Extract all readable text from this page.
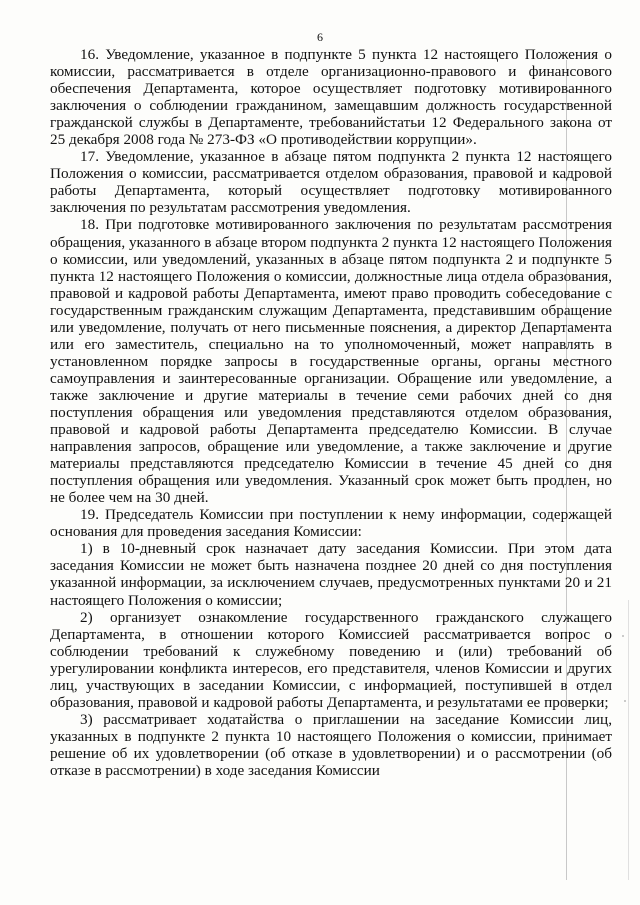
6

16. Уведомление, указанное в подпункте 5 пункта 12 настоящего Положения о комиссии, рассматривается в отделе организационно-правового и финансового обеспечения Департамента, которое осуществляет подготовку мотивированного заключения о соблюдении гражданином, замещавшим должность государственной гражданской службы в Департаменте, требованийстатьи 12 Федерального закона от 25 декабря 2008 года № 273-ФЗ «О противодействии коррупции».

17. Уведомление, указанное в абзаце пятом подпункта 2 пункта 12 настоящего Положения о комиссии, рассматривается отделом образования, правовой и кадровой работы Департамента, который осуществляет подготовку мотивированного заключения по результатам рассмотрения уведомления.

18. При подготовке мотивированного заключения по результатам рассмотрения обращения, указанного в абзаце втором подпункта 2 пункта 12 настоящего Положения о комиссии, или уведомлений, указанных в абзаце пятом подпункта 2 и подпункте 5 пункта 12 настоящего Положения о комиссии, должностные лица отдела образования, правовой и кадровой работы Департамента, имеют право проводить собеседование с государственным гражданским служащим Департамента, представившим обращение или уведомление, получать от него письменные пояснения, а директор Департамента или его заместитель, специально на то уполномоченный, может направлять в установленном порядке запросы в государственные органы, органы местного самоуправления и заинтересованные организации. Обращение или уведомление, а также заключение и другие материалы в течение семи рабочих дней со дня поступления обращения или уведомления представляются отделом образования, правовой и кадровой работы Департамента председателю Комиссии. В случае направления запросов, обращение или уведомление, а также заключение и другие материалы представляются председателю Комиссии в течение 45 дней со дня поступления обращения или уведомления. Указанный срок может быть продлен, но не более чем на 30 дней.

19. Председатель Комиссии при поступлении к нему информации, содержащей основания для проведения заседания Комиссии:

1) в 10-дневный срок назначает дату заседания Комиссии. При этом дата заседания Комиссии не может быть назначена позднее 20 дней со дня поступления указанной информации, за исключением случаев, предусмотренных пунктами 20 и 21 настоящего Положения о комиссии;

2) организует ознакомление государственного гражданского служащего Департамента, в отношении которого Комиссией рассматривается вопрос о соблюдении требований к служебному поведению и (или) требований об урегулировании конфликта интересов, его представителя, членов Комиссии и других лиц, участвующих в заседании Комиссии, с информацией, поступившей в отдел образования, правовой и кадровой работы Департамента, и результатами ее проверки;

3) рассматривает ходатайства о приглашении на заседание Комиссии лиц, указанных в подпункте 2 пункта 10 настоящего Положения о комиссии, принимает решение об их удовлетворении (об отказе в удовлетворении) и о рассмотрении (об отказе в рассмотрении) в ходе заседания Комиссии
